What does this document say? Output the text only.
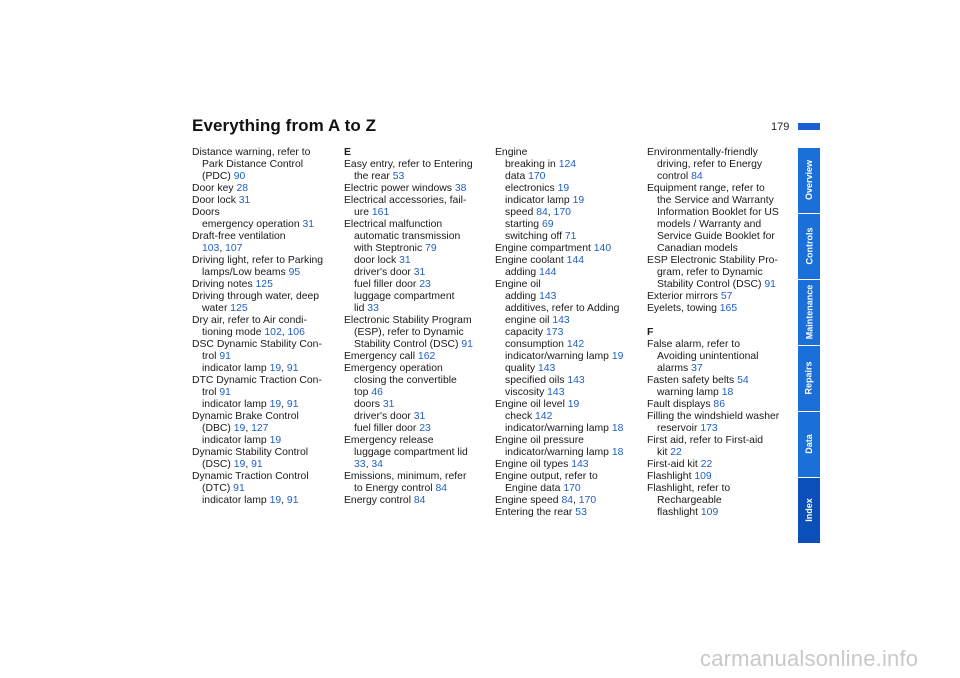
Everything from A to Z	179
Distance warning, refer to
Park Distance Control
(PDC) 90
Door key 28
Door lock 31
Doors
emergency operation 31
Draft-free ventilation
103, 107
Driving light, refer to Parking
lamps/Low beams 95
Driving notes 125
Driving through water, deep
water 125
Dry air, refer to Air condi-
tioning mode 102, 106
DSC Dynamic Stability Con-
trol 91
indicator lamp 19, 91
DTC Dynamic Traction Con-
trol 91
indicator lamp 19, 91
Dynamic Brake Control
(DBC) 19, 127
indicator lamp 19
Dynamic Stability Control
(DSC) 19, 91
Dynamic Traction Control
(DTC) 91
indicator lamp 19, 91
E
Easy entry, refer to Entering
the rear 53
Electric power windows 38
Electrical accessories, fail-
ure 161
Electrical malfunction
automatic transmission
with Steptronic 79
door lock 31
driver's door 31
fuel filler door 23
luggage compartment
lid 33
Electronic Stability Program
(ESP), refer to Dynamic
Stability Control (DSC) 91
Emergency call 162
Emergency operation
closing the convertible
top 46
doors 31
driver's door 31
fuel filler door 23
Emergency release
luggage compartment lid
33, 34
Emissions, minimum, refer
to Energy control 84
Energy control 84
Engine
breaking in 124
data 170
electronics 19
indicator lamp 19
speed 84, 170
starting 69
switching off 71
Engine compartment 140
Engine coolant 144
adding 144
Engine oil
adding 143
additives, refer to Adding
engine oil 143
capacity 173
consumption 142
indicator/warning lamp 19
quality 143
specified oils 143
viscosity 143
Engine oil level 19
check 142
indicator/warning lamp 18
Engine oil pressure
indicator/warning lamp 18
Engine oil types 143
Engine output, refer to
Engine data 170
Engine speed 84, 170
Entering the rear 53
Environmentally-friendly
driving, refer to Energy
control 84
Equipment range, refer to
the Service and Warranty
Information Booklet for US
models / Warranty and
Service Guide Booklet for
Canadian models
ESP Electronic Stability Pro-
gram, refer to Dynamic
Stability Control (DSC) 91
Exterior mirrors 57
Eyelets, towing 165
F
False alarm, refer to
Avoiding unintentional
alarms 37
Fasten safety belts 54
warning lamp 18
Fault displays 86
Filling the windshield washer
reservoir 173
First aid, refer to First-aid
kit 22
First-aid kit 22
Flashlight 109
Flashlight, refer to
Rechargeable
flashlight 109
Overview
Controls
Maintenance
Repairs
Data
Index
carmanualsonline.info
